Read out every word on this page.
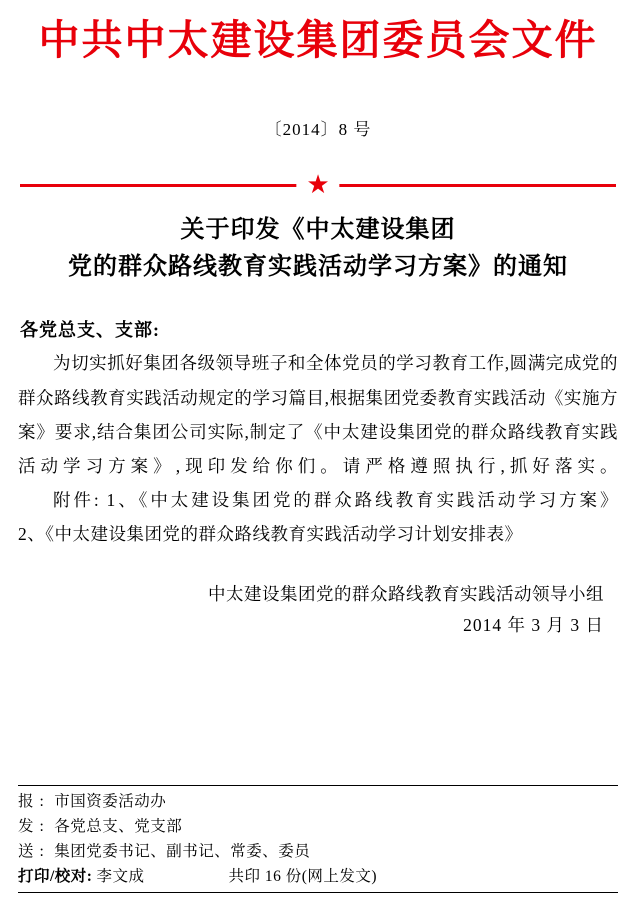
中共中太建设集团委员会文件
〔2014〕8 号
★
关于印发《中太建设集团
党的群众路线教育实践活动学习方案》的通知
各党总支、支部:
为切实抓好集团各级领导班子和全体党员的学习教育工作,圆满完成党的群众路线教育实践活动规定的学习篇目,根据集团党委教育实践活动《实施方案》要求,结合集团公司实际,制定了《中太建设集团党的群众路线教育实践活动学习方案》,现印发给你们。请严格遵照执行,抓好落实。
附件: 1、《中太建设集团党的群众路线教育实践活动学习方案》
2、《中太建设集团党的群众路线教育实践活动学习计划安排表》
中太建设集团党的群众路线教育实践活动领导小组
2014 年 3 月 3 日
报: 市国资委活动办
发: 各党总支、党支部
送: 集团党委书记、副书记、常委、委员
打印/校对: 李文成	共印 16 份(网上发文)
